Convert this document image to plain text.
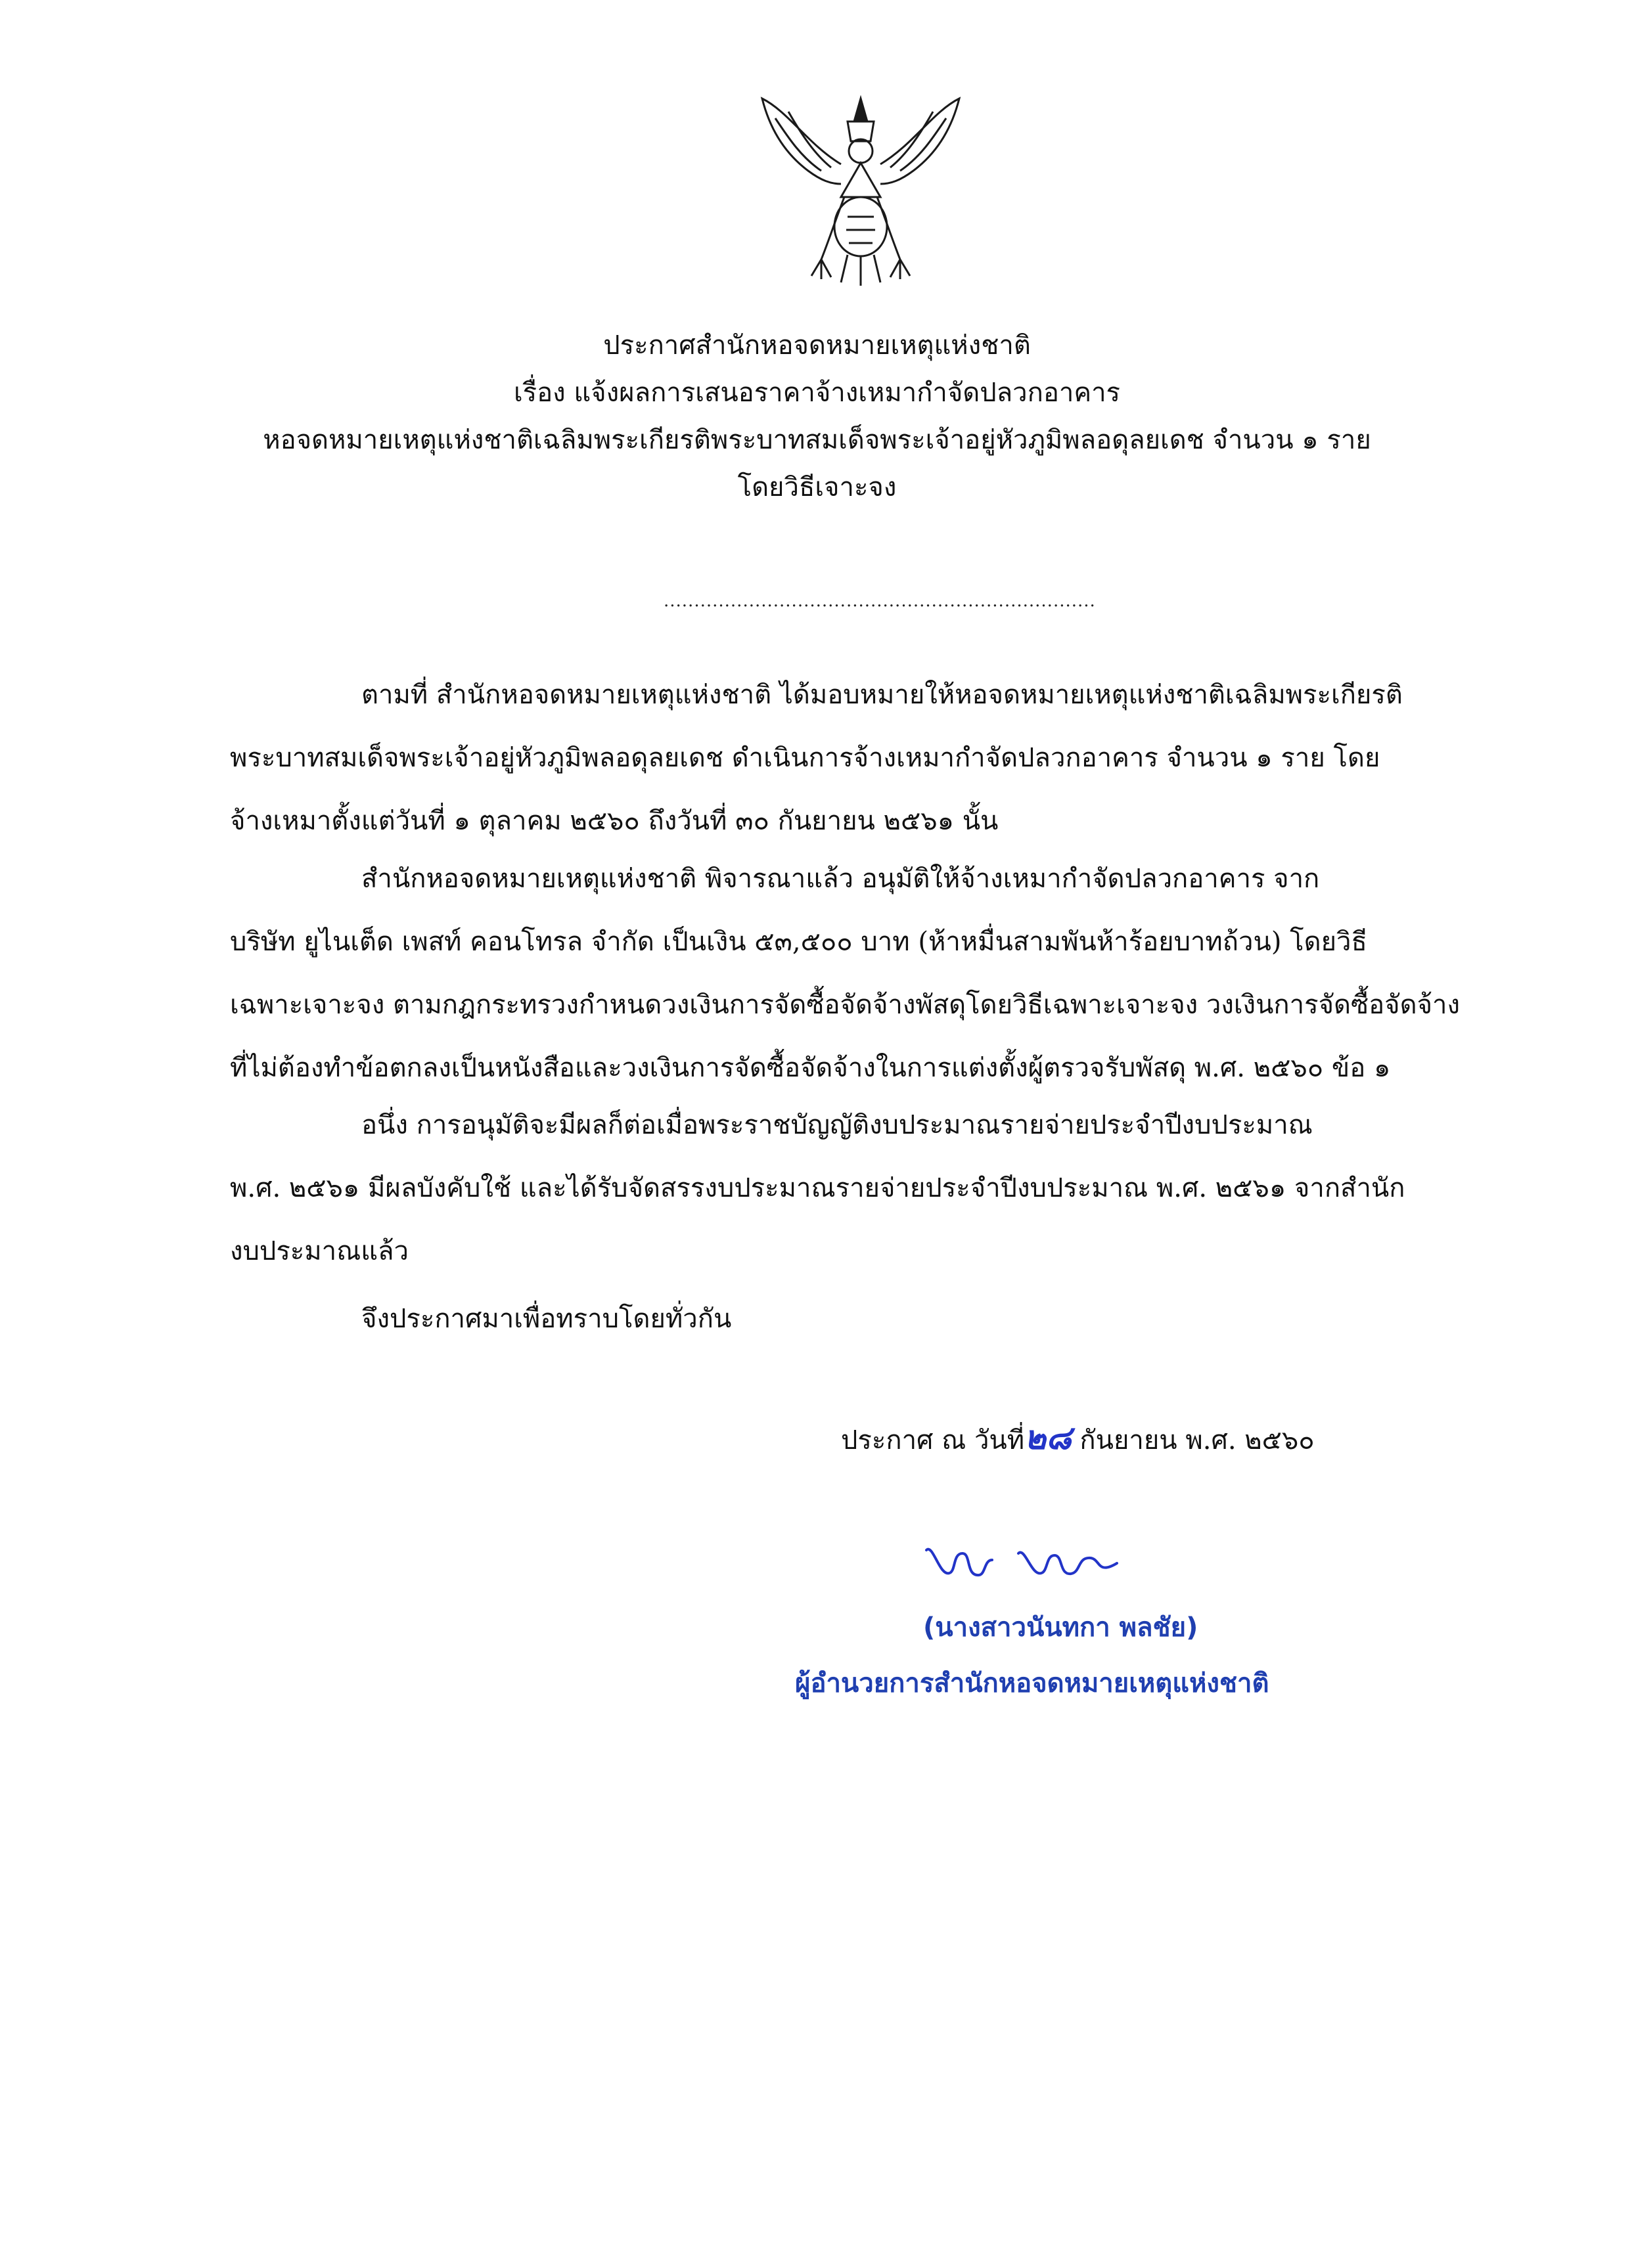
ประกาศสำนักหอจดหมายเหตุแห่งชาติ
เรื่อง แจ้งผลการเสนอราคาจ้างเหมากำจัดปลวกอาคาร
หอจดหมายเหตุแห่งชาติเฉลิมพระเกียรติพระบาทสมเด็จพระเจ้าอยู่หัวภูมิพลอดุลยเดช จำนวน ๑ ราย
โดยวิธีเจาะจง
.......................................................................
ตามที่ สำนักหอจดหมายเหตุแห่งชาติ ได้มอบหมายให้หอจดหมายเหตุแห่งชาติเฉลิมพระเกียรติ
พระบาทสมเด็จพระเจ้าอยู่หัวภูมิพลอดุลยเดช ดำเนินการจ้างเหมากำจัดปลวกอาคาร จำนวน ๑ ราย โดย
จ้างเหมาตั้งแต่วันที่ ๑ ตุลาคม ๒๕๖๐ ถึงวันที่ ๓๐ กันยายน ๒๕๖๑ นั้น
สำนักหอจดหมายเหตุแห่งชาติ พิจารณาแล้ว อนุมัติให้จ้างเหมากำจัดปลวกอาคาร จาก
บริษัท ยูไนเต็ด เพสท์ คอนโทรล จำกัด เป็นเงิน ๕๓,๕๐๐ บาท (ห้าหมื่นสามพันห้าร้อยบาทถ้วน) โดยวิธี
เฉพาะเจาะจง ตามกฎกระทรวงกำหนดวงเงินการจัดซื้อจัดจ้างพัสดุโดยวิธีเฉพาะเจาะจง วงเงินการจัดซื้อจัดจ้าง
ที่ไม่ต้องทำข้อตกลงเป็นหนังสือและวงเงินการจัดซื้อจัดจ้างในการแต่งตั้งผู้ตรวจรับพัสดุ พ.ศ. ๒๕๖๐ ข้อ ๑
อนึ่ง การอนุมัติจะมีผลก็ต่อเมื่อพระราชบัญญัติงบประมาณรายจ่ายประจำปีงบประมาณ
พ.ศ. ๒๕๖๑ มีผลบังคับใช้ และได้รับจัดสรรงบประมาณรายจ่ายประจำปีงบประมาณ พ.ศ. ๒๕๖๑ จากสำนัก
งบประมาณแล้ว
จึงประกาศมาเพื่อทราบโดยทั่วกัน
ประกาศ ณ วันที่๒๘ กันยายน พ.ศ. ๒๕๖๐
(นางสาวนันทกา พลชัย)
ผู้อำนวยการสำนักหอจดหมายเหตุแห่งชาติ
